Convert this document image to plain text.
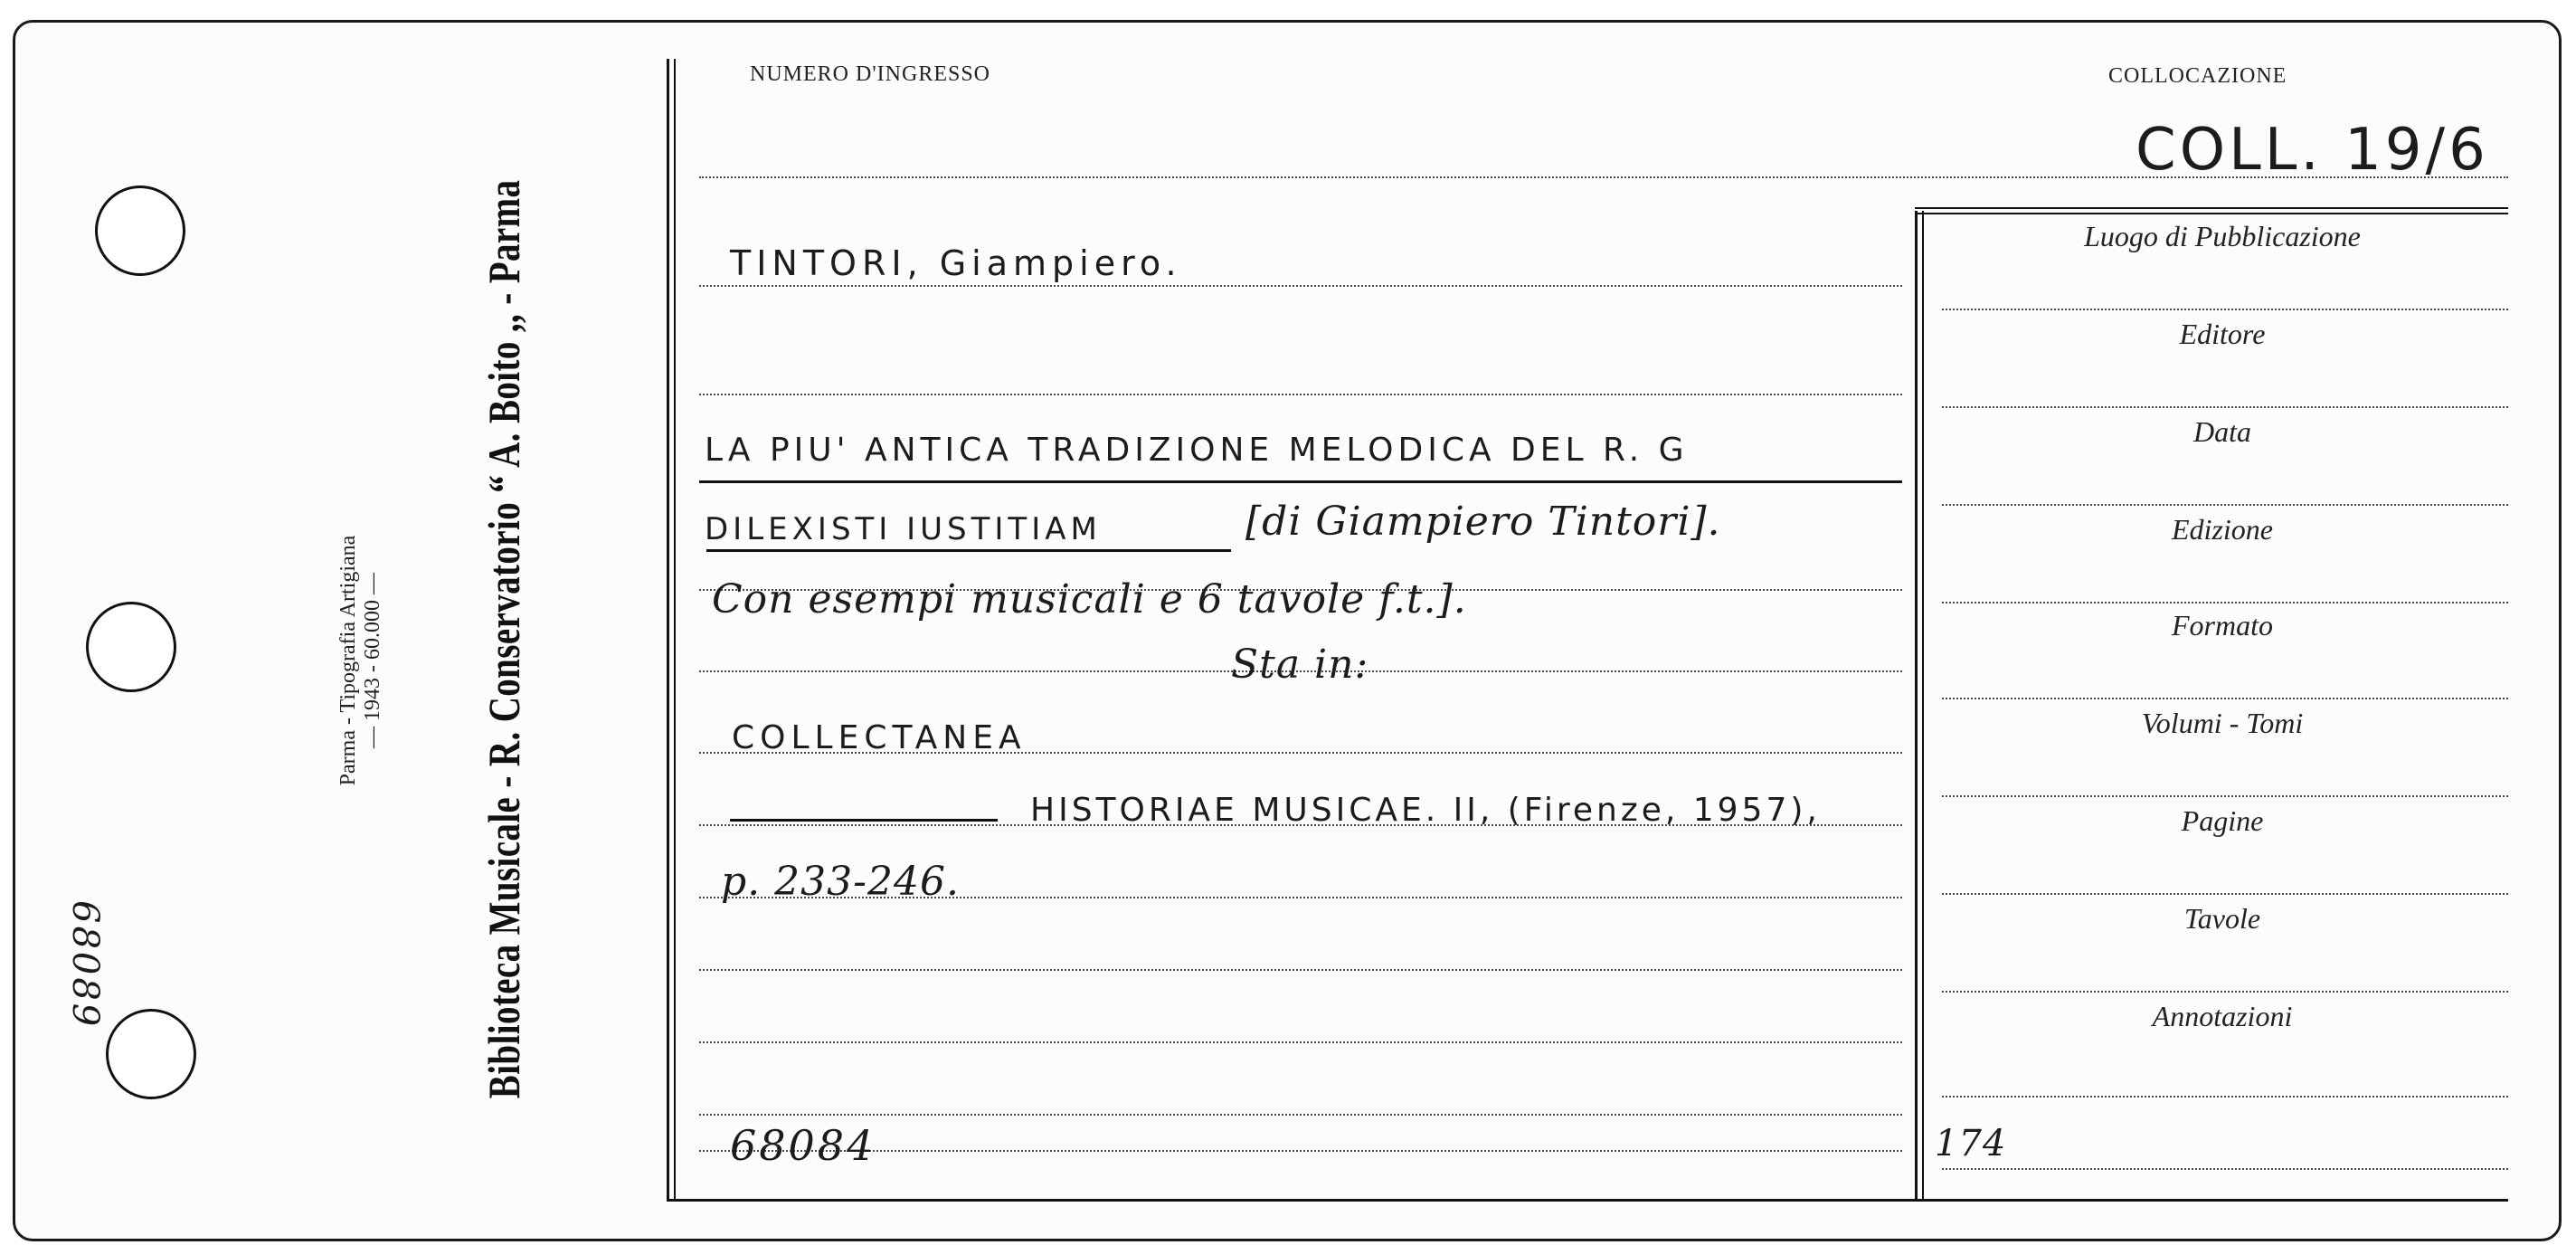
68089
Parma - Tipografia Artigiana — 1943 - 60.000 — Biblioteca Musicale - R. Conservatorio “ A. Boito ,, - Parma
NUMERO D'INGRESSO	COLLOCAZIONE
COLL. 19/6
Luogo di Pubblicazione
Editore
Data
Edizione
Formato
Volumi - Tomi
Pagine
Tavole
Annotazioni
174
TINTORI, Giampiero.
LA PIU' ANTICA TRADIZIONE MELODICA DEL R. G
DILEXISTI IUSTITIAM	[di Giampiero Tintori].
Con esempi musicali e 6 tavole f.t.].
Sta in:
COLLECTANEA
HISTORIAE MUSICAE. II, (Firenze, 1957),
p. 233-246.
68084
